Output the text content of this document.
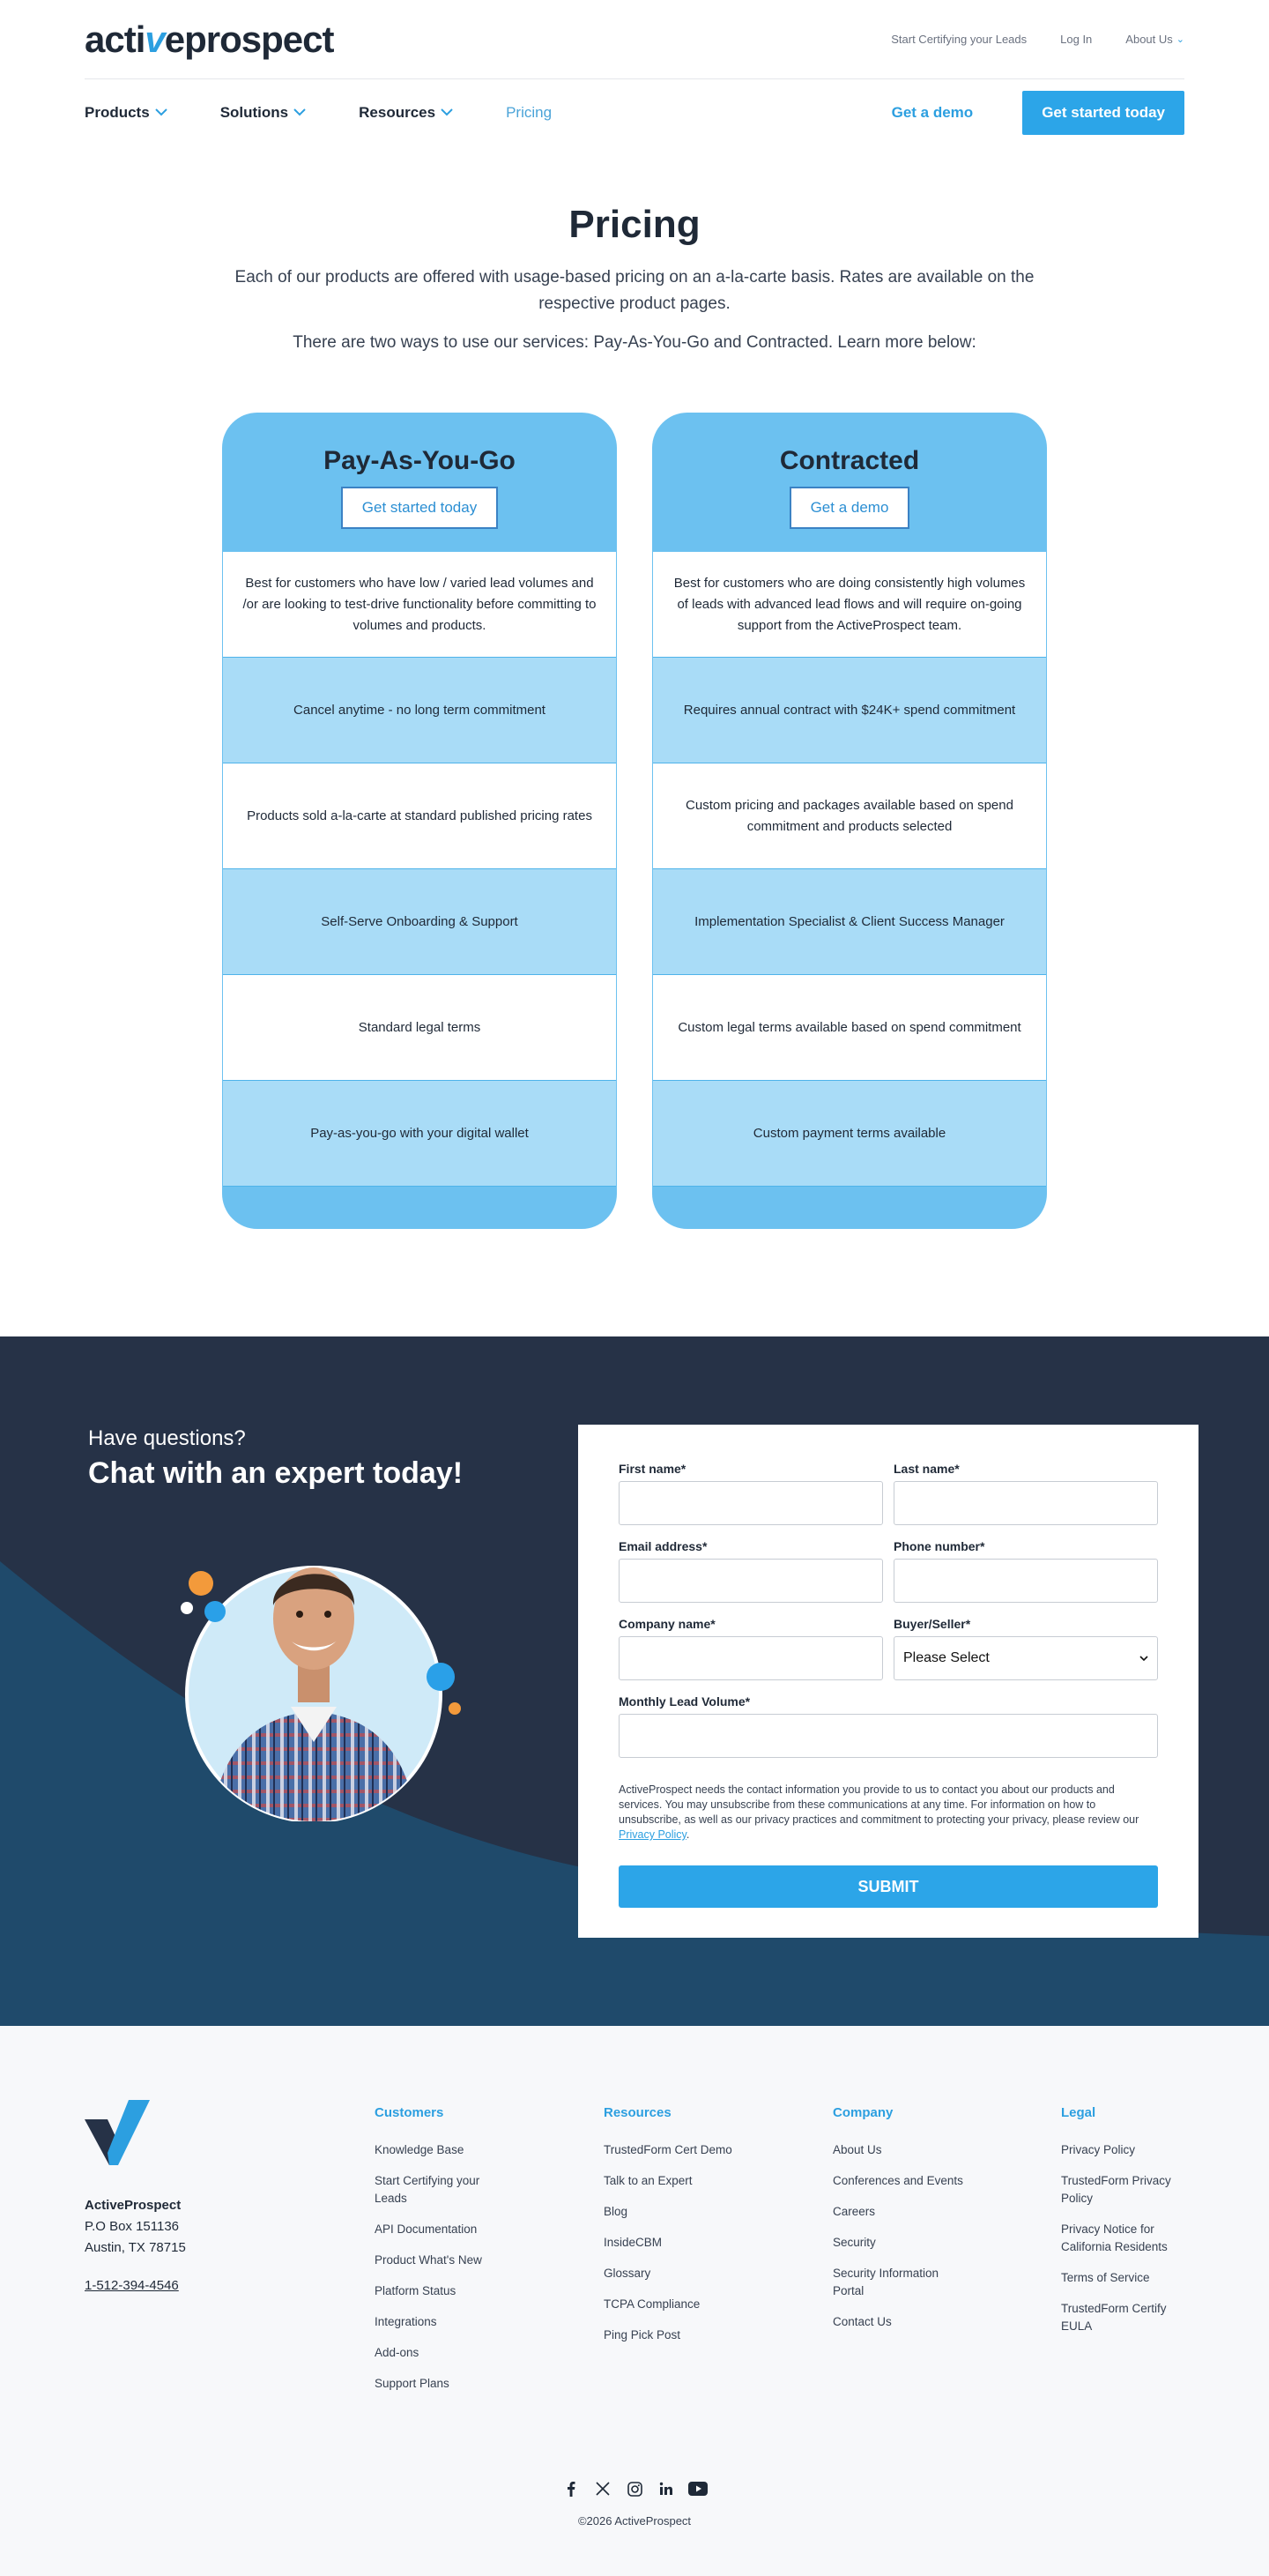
acti v eprospect	Start Certifying your Leads	Log In	About Us ⌄
Products	Solutions	Resources	Pricing	Get a demo	Get started today
Pricing

Each of our products are offered with usage-based pricing on an a-la-carte basis. Rates are available on the respective product pages.

There are two ways to use our services: Pay-As-You-Go and Contracted. Learn more below:

Pay-As-You-Go
Get started today
Best for customers who have low / varied lead volumes and /or are looking to test-drive functionality before committing to volumes and products.
Cancel anytime - no long term commitment
Products sold a-la-carte at standard published pricing rates
Self-Serve Onboarding & Support
Standard legal terms
Pay-as-you-go with your digital wallet
Contracted
Get a demo
Best for customers who are doing consistently high volumes of leads with advanced lead flows and will require on-going support from the ActiveProspect team.
Requires annual contract with $24K+ spend commitment
Custom pricing and packages available based on spend commitment and products selected
Implementation Specialist & Client Success Manager
Custom legal terms available based on spend commitment
Custom payment terms available
Have questions?
Chat with an expert today!	First name*	Last name*
Email address*	Phone number*
Company name*	Buyer/Seller*
Please Select
Monthly Lead Volume*
ActiveProspect needs the contact information you provide to us to contact you about our products and services. You may unsubscribe from these communications at any time. For information on how to unsubscribe, as well as our privacy practices and commitment to protecting your privacy, please review our Privacy Policy.
SUBMIT
ActiveProspect
P.O Box 151136
Austin, TX 78715
1-512-394-4546
Customers
Knowledge Base
Start Certifying your Leads
API Documentation
Product What's New
Platform Status
Integrations
Add-ons
Support Plans
Resources
TrustedForm Cert Demo
Talk to an Expert
Blog
InsideCBM
Glossary
TCPA Compliance
Ping Pick Post
Company
About Us
Conferences and Events
Careers
Security
Security Information Portal
Contact Us
Legal
Privacy Policy
TrustedForm Privacy Policy
Privacy Notice for California Residents
Terms of Service
TrustedForm Certify EULA
©2026 ActiveProspect
